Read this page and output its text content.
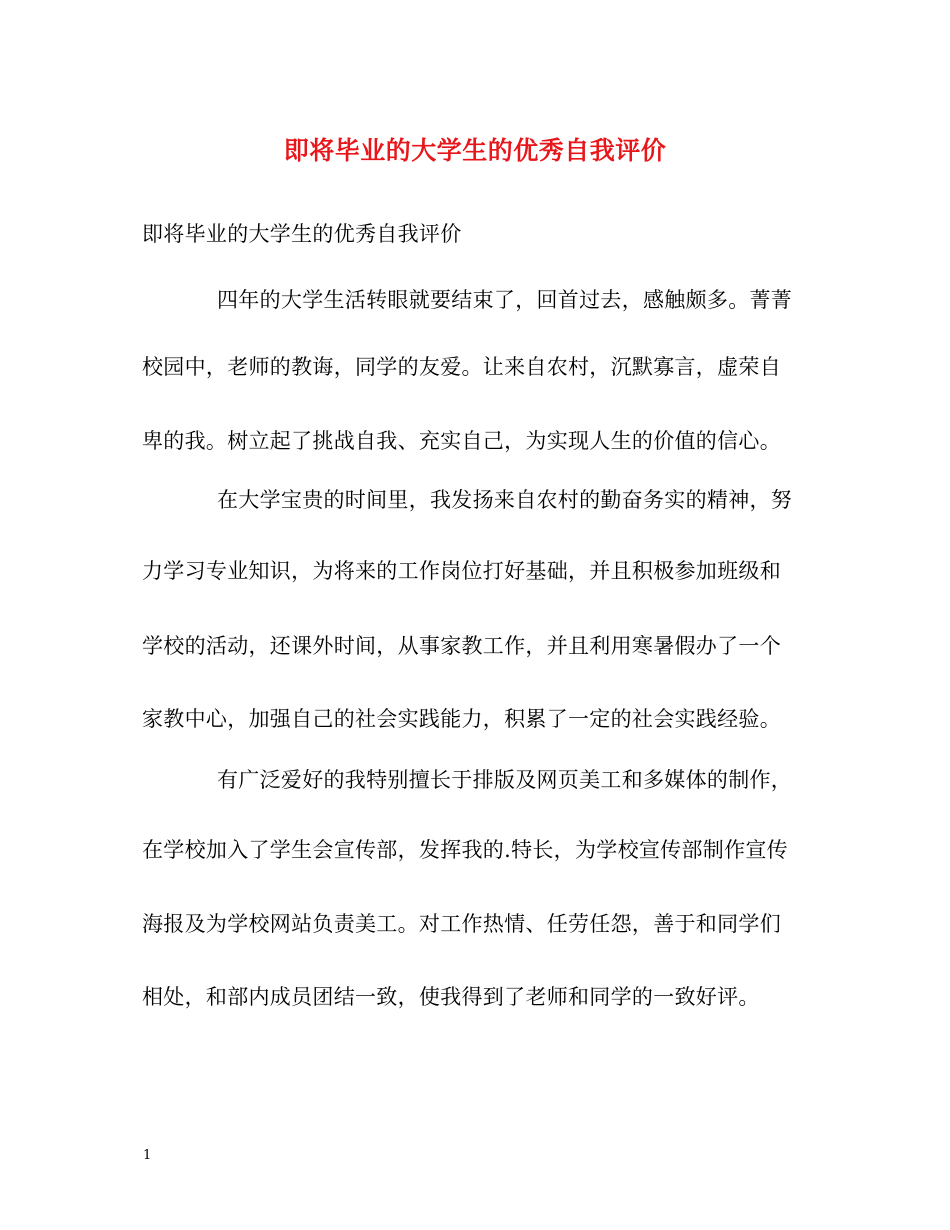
即将毕业的大学生的优秀自我评价
即将毕业的大学生的优秀自我评价
四年的大学生活转眼就要结束了，回首过去，感触颇多。菁菁
校园中，老师的教诲，同学的友爱。让来自农村，沉默寡言，虚荣自
卑的我。树立起了挑战自我、充实自己，为实现人生的价值的信心。
在大学宝贵的时间里，我发扬来自农村的勤奋务实的精神，努
力学习专业知识，为将来的工作岗位打好基础，并且积极参加班级和
学校的活动，还课外时间，从事家教工作，并且利用寒暑假办了一个
家教中心，加强自己的社会实践能力，积累了一定的社会实践经验。
有广泛爱好的我特别擅长于排版及网页美工和多媒体的制作，
在学校加入了学生会宣传部，发挥我的.特长，为学校宣传部制作宣传
海报及为学校网站负责美工。对工作热情、任劳任怨，善于和同学们
相处，和部内成员团结一致，使我得到了老师和同学的一致好评。
1
